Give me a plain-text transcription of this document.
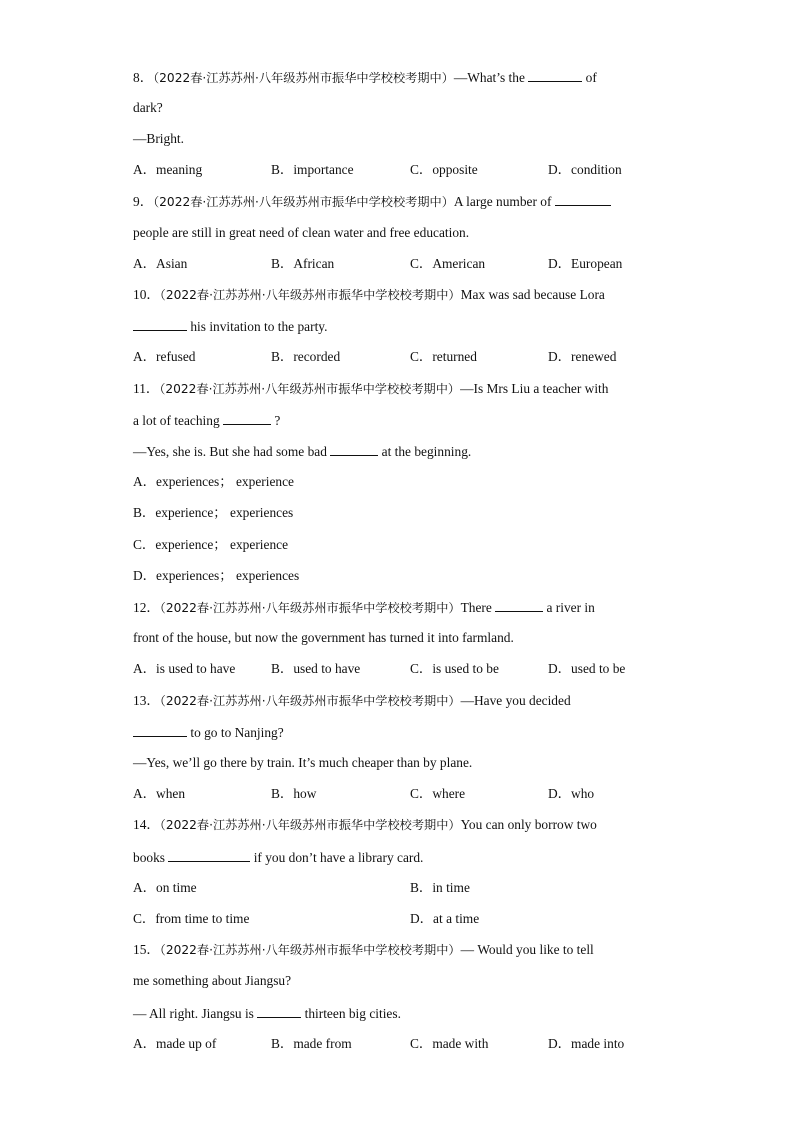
8．（2022春·江苏苏州·八年级苏州市振华中学校校考期中）—What’s the	of
dark?
—Bright.
A．meaning	B．importance	C．opposite	D．condition
9．（2022春·江苏苏州·八年级苏州市振华中学校校考期中）A large number of
people are still in great need of clean water and free education.
A．Asian	B．African	C．American	D．European
10．（2022春·江苏苏州·八年级苏州市振华中学校校考期中）Max was sad because Lora
his invitation to the party.
A．refused	B．recorded	C．returned	D．renewed
11．（2022春·江苏苏州·八年级苏州市振华中学校校考期中）—Is Mrs Liu a teacher with
a lot of teaching	?
—Yes, she is. But she had some bad	at the beginning.
A．experiences； experience
B．experience； experiences
C．experience； experience
D．experiences； experiences
12．（2022春·江苏苏州·八年级苏州市振华中学校校考期中）There	a river in
front of the house, but now the government has turned it into farmland.
A．is used to have	B．used to have	C．is used to be	D．used to be
13．（2022春·江苏苏州·八年级苏州市振华中学校校考期中）—Have you decided
to go to Nanjing?
—Yes, we’ll go there by train. It’s much cheaper than by plane.
A．when	B．how	C．where	D．who
14．（2022春·江苏苏州·八年级苏州市振华中学校校考期中）You can only borrow two
books	if you don’t have a library card.
A．on time	B．in time
C．from time to time	D．at a time
15．（2022春·江苏苏州·八年级苏州市振华中学校校考期中）— Would you like to tell
me something about Jiangsu?
— All right. Jiangsu is	thirteen big cities.
A．made up of	B．made from	C．made with	D．made into
